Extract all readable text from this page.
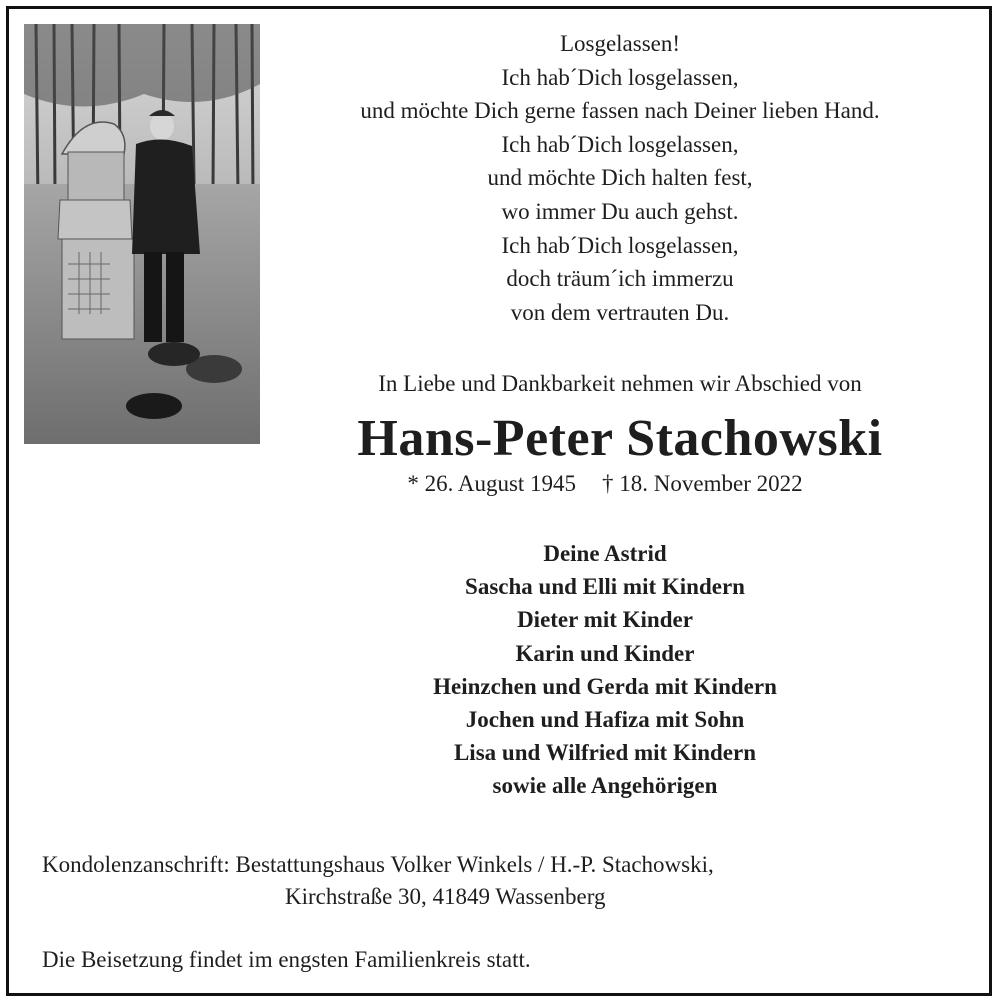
Losgelassen!
Ich hab´Dich losgelassen,
und möchte Dich gerne fassen nach Deiner lieben Hand.
Ich hab´Dich losgelassen,
und möchte Dich halten fest,
wo immer Du auch gehst.
Ich hab´Dich losgelassen,
doch träum´ich immerzu
von dem vertrauten Du.
In Liebe und Dankbarkeit nehmen wir Abschied von
Hans-Peter Stachowski
* 26. August 1945 † 18. November 2022
Deine Astrid
Sascha und Elli mit Kindern
Dieter mit Kinder
Karin und Kinder
Heinzchen und Gerda mit Kindern
Jochen und Hafiza mit Sohn
Lisa und Wilfried mit Kindern
sowie alle Angehörigen
Kondolenzanschrift: Bestattungshaus Volker Winkels / H.-P. Stachowski,
Kirchstraße 30, 41849 Wassenberg
Die Beisetzung findet im engsten Familienkreis statt.
